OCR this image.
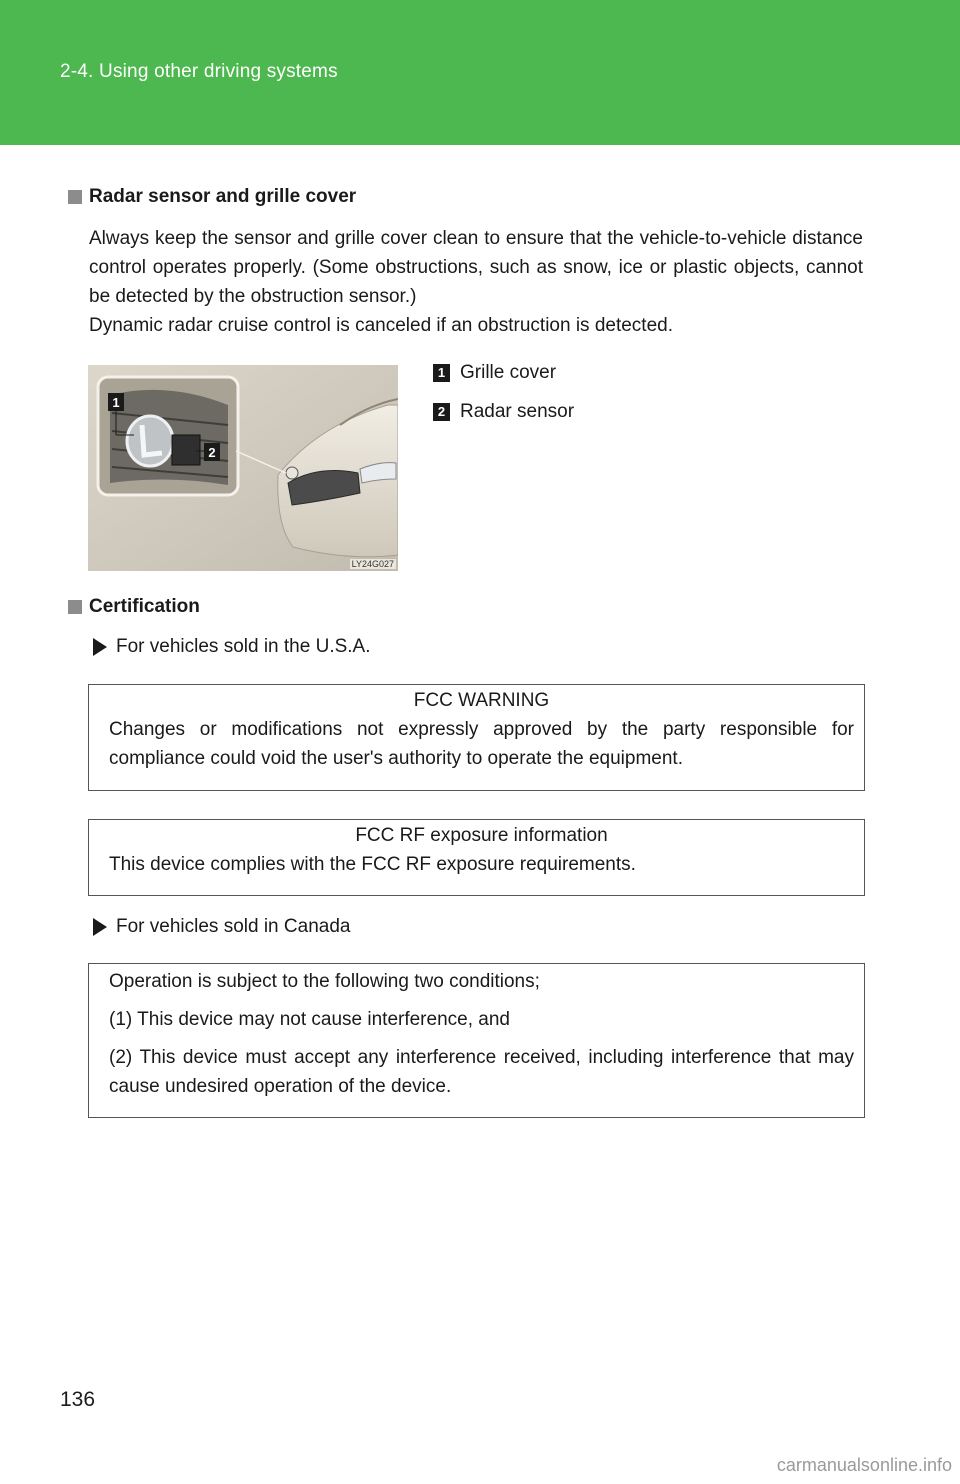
2-4. Using other driving systems
Radar sensor and grille cover

Always keep the sensor and grille cover clean to ensure that the vehicle-to-vehicle distance control operates properly. (Some obstructions, such as snow, ice or plastic objects, cannot be detected by the obstruction sensor.)

Dynamic radar cruise control is canceled if an obstruction is detected.

1
2
LY24G027
1 Grille cover
2 Radar sensor
Certification
For vehicles sold in the U.S.A.
FCC WARNING
Changes or modifications not expressly approved by the party responsible for compliance could void the user's authority to operate the equipment.
FCC RF exposure information
This device complies with the FCC RF exposure requirements.
For vehicles sold in Canada
Operation is subject to the following two conditions;
(1) This device may not cause interference, and
(2) This device must accept any interference received, including interference that may cause undesired operation of the device.
136
carmanualsonline.info
